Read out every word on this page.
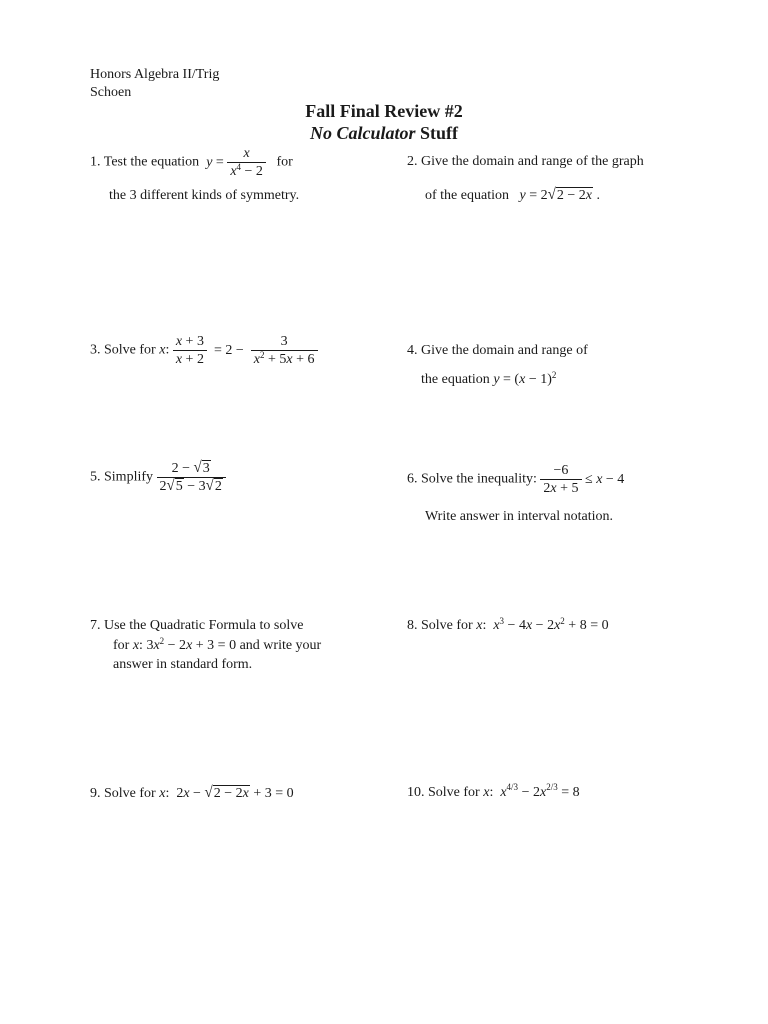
Honors Algebra II/Trig
Schoen
Fall Final Review #2
No Calculator Stuff
1. Test the equation $y = \frac{x}{x^4 - 2}$ for
the 3 different kinds of symmetry.
2. Give the domain and range of the graph
of the equation y = 2√2 − 2x .
3. Solve for x: $\frac{x + 3}{x + 2} = 2 - \frac{3}{x^2 + 5x + 6}$	4. Give the domain and range of
the equation $y = (x - 1)^2$
5. Simplify $\frac{2 - √3}{2√5 - 3√2}$	6. Solve the inequality: $\frac{-6}{2x + 5} \le x - 4$
Write answer in interval notation.
7. Use the Quadratic Formula to solve
for x: $3x^2 - 2x + 3 = 0$ and write your
answer in standard form.
8. Solve for x:  $x^3 - 4x - 2x^2 + 8 = 0$
9. Solve for x:  2x − √2 − 2x + 3 = 0	10. Solve for x:  $x^{4/3} - 2x^{2/3} = 8$
